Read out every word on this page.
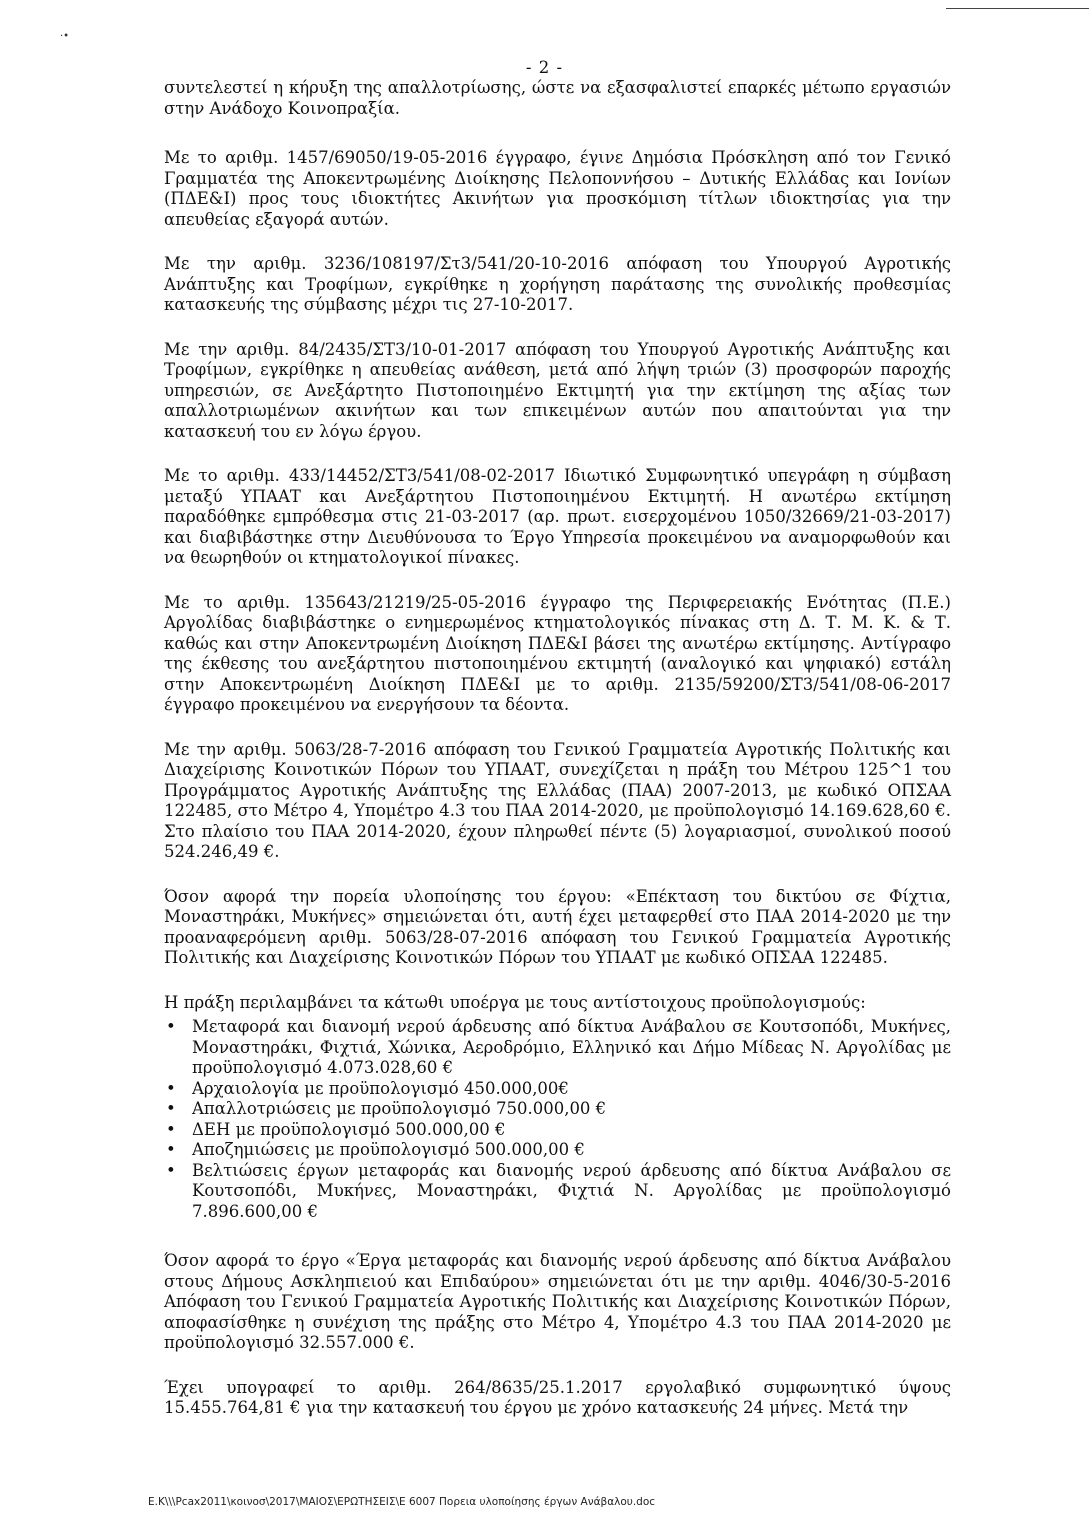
·•
- 2 -

συντελεστεί η κήρυξη της απαλλοτρίωσης, ώστε να εξασφαλιστεί επαρκές μέτωπο εργασιών στην Ανάδοχο Κοινοπραξία.

Με το αριθμ. 1457/69050/19-05-2016 έγγραφο, έγινε Δημόσια Πρόσκληση από τον Γενικό Γραμματέα της Αποκεντρωμένης Διοίκησης Πελοποννήσου – Δυτικής Ελλάδας και Ιονίων (ΠΔΕ&Ι) προς τους ιδιοκτήτες Ακινήτων για προσκόμιση τίτλων ιδιοκτησίας για την απευθείας εξαγορά αυτών.

Με την αριθμ. 3236/108197/Στ3/541/20-10-2016 απόφαση του Υπουργού Αγροτικής Ανάπτυξης και Τροφίμων, εγκρίθηκε η χορήγηση παράτασης της συνολικής προθεσμίας κατασκευής της σύμβασης μέχρι τις 27-10-2017.

Με την αριθμ. 84/2435/ΣΤ3/10-01-2017 απόφαση του Υπουργού Αγροτικής Ανάπτυξης και Τροφίμων, εγκρίθηκε η απευθείας ανάθεση, μετά από λήψη τριών (3) προσφορών παροχής υπηρεσιών, σε Ανεξάρτητο Πιστοποιημένο Εκτιμητή για την εκτίμηση της αξίας των απαλλοτριωμένων ακινήτων και των επικειμένων αυτών που απαιτούνται για την κατασκευή του εν λόγω έργου.

Με το αριθμ. 433/14452/ΣΤ3/541/08-02-2017 Ιδιωτικό Συμφωνητικό υπεγράφη η σύμβαση μεταξύ ΥΠΑΑΤ και Ανεξάρτητου Πιστοποιημένου Εκτιμητή. Η ανωτέρω εκτίμηση παραδόθηκε εμπρόθεσμα στις 21-03-2017 (αρ. πρωτ. εισερχομένου 1050/32669/21-03-2017) και διαβιβάστηκε στην Διευθύνουσα το Έργο Υπηρεσία προκειμένου να αναμορφωθούν και να θεωρηθούν οι κτηματολογικοί πίνακες.

Με το αριθμ. 135643/21219/25-05-2016 έγγραφο της Περιφερειακής Ενότητας (Π.Ε.) Αργολίδας διαβιβάστηκε ο ενημερωμένος κτηματολογικός πίνακας στη Δ. Τ. Μ. Κ. & Τ. καθώς και στην Αποκεντρωμένη Διοίκηση ΠΔΕ&Ι βάσει της ανωτέρω εκτίμησης. Αντίγραφο της έκθεσης του ανεξάρτητου πιστοποιημένου εκτιμητή (αναλογικό και ψηφιακό) εστάλη στην Αποκεντρωμένη Διοίκηση ΠΔΕ&Ι με το αριθμ. 2135/59200/ΣΤ3/541/08-06-2017 έγγραφο προκειμένου να ενεργήσουν τα δέοντα.

Με την αριθμ. 5063/28-7-2016 απόφαση του Γενικού Γραμματεία Αγροτικής Πολιτικής και Διαχείρισης Κοινοτικών Πόρων του ΥΠΑΑΤ, συνεχίζεται η πράξη του Μέτρου 125^1 του Προγράμματος Αγροτικής Ανάπτυξης της Ελλάδας (ΠΑΑ) 2007-2013, με κωδικό ΟΠΣΑΑ 122485, στο Μέτρο 4, Υπομέτρο 4.3 του ΠΑΑ 2014-2020, με προϋπολογισμό 14.169.628,60 €. Στο πλαίσιο του ΠΑΑ 2014-2020, έχουν πληρωθεί πέντε (5) λογαριασμοί, συνολικού ποσού 524.246,49 €.

Όσον αφορά την πορεία υλοποίησης του έργου: «Επέκταση του δικτύου σε Φίχτια, Μοναστηράκι, Μυκήνες» σημειώνεται ότι, αυτή έχει μεταφερθεί στο ΠΑΑ 2014-2020 με την προαναφερόμενη αριθμ. 5063/28-07-2016 απόφαση του Γενικού Γραμματεία Αγροτικής Πολιτικής και Διαχείρισης Κοινοτικών Πόρων του ΥΠΑΑΤ με κωδικό ΟΠΣΑΑ 122485.

Η πράξη περιλαμβάνει τα κάτωθι υποέργα με τους αντίστοιχους προϋπολογισμούς:

• Μεταφορά και διανομή νερού άρδευσης από δίκτυα Ανάβαλου σε Κουτσοπόδι, Μυκήνες, Μοναστηράκι, Φιχτιά, Χώνικα, Αεροδρόμιο, Ελληνικό και Δήμο Μίδεας Ν. Αργολίδας με προϋπολογισμό 4.073.028,60 €
• Αρχαιολογία με προϋπολογισμό 450.000,00€
• Απαλλοτριώσεις με προϋπολογισμό 750.000,00 €
• ΔΕΗ με προϋπολογισμό 500.000,00 €
• Αποζημιώσεις με προϋπολογισμό 500.000,00 €
• Βελτιώσεις έργων μεταφοράς και διανομής νερού άρδευσης από δίκτυα Ανάβαλου σε Κουτσοπόδι, Μυκήνες, Μοναστηράκι, Φιχτιά Ν. Αργολίδας με προϋπολογισμό 7.896.600,00 €

Όσον αφορά το έργο «Έργα μεταφοράς και διανομής νερού άρδευσης από δίκτυα Ανάβαλου στους Δήμους Ασκληπιειού και Επιδαύρου» σημειώνεται ότι με την αριθμ. 4046/30-5-2016 Απόφαση του Γενικού Γραμματεία Αγροτικής Πολιτικής και Διαχείρισης Κοινοτικών Πόρων, αποφασίσθηκε η συνέχιση της πράξης στο Μέτρο 4, Υπομέτρο 4.3 του ΠΑΑ 2014-2020 με προϋπολογισμό 32.557.000 €.

Έχει υπογραφεί το αριθμ. 264/8635/25.1.2017 εργολαβικό συμφωνητικό ύψους 15.455.764,81 € για την κατασκευή του έργου με χρόνο κατασκευής 24 μήνες. Μετά την

E.K\\\Pcax2011\κοινοσ\2017\ΜΑΙΟΣ\ΕΡΩΤΗΣΕΙΣ\Ε 6007 Πορεια υλοποίησης έργων Ανάβαλου.doc
